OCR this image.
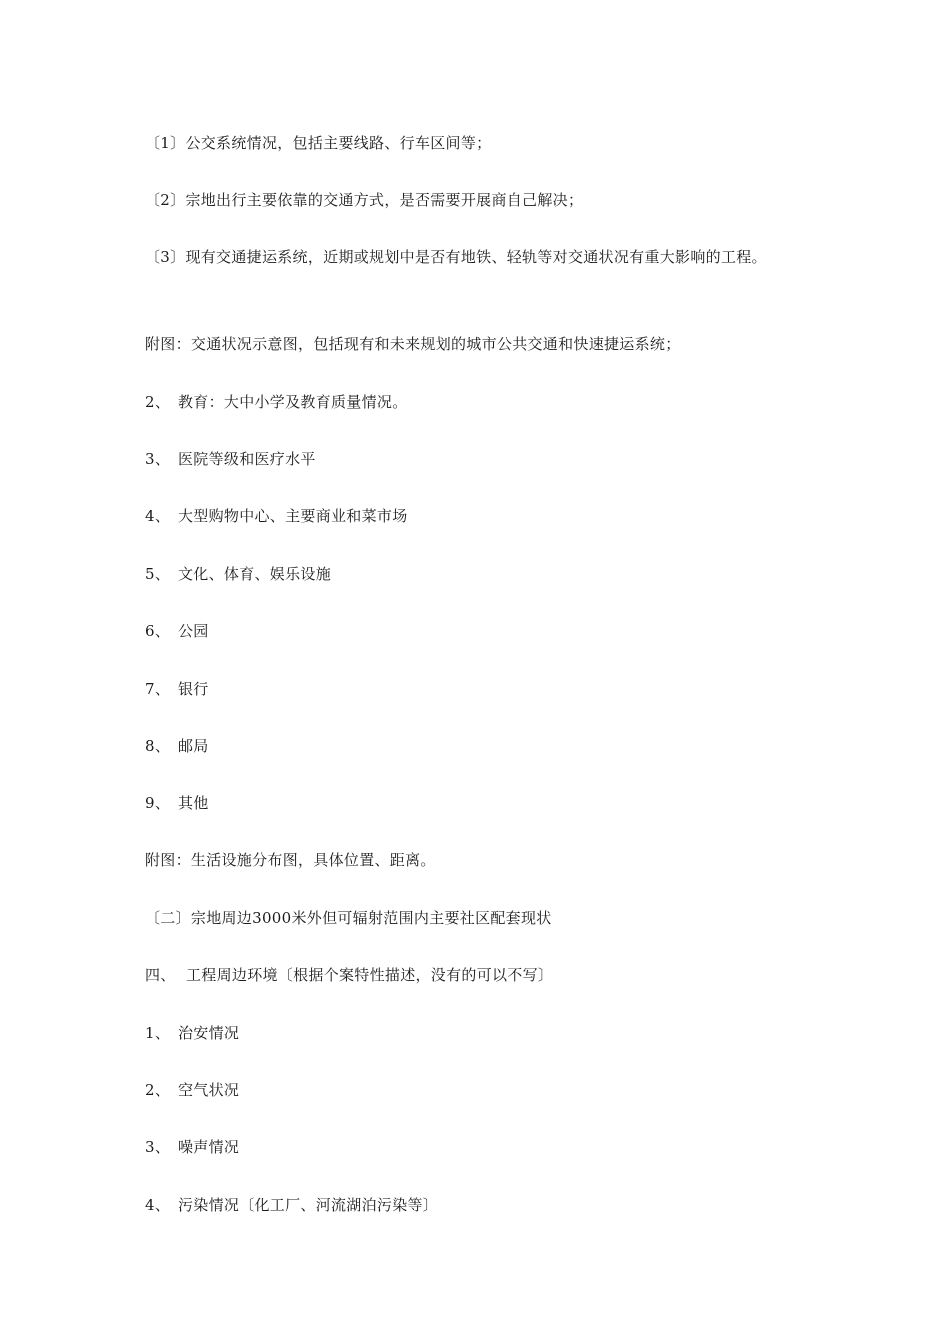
〔1〕公交系统情况，包括主要线路、行车区间等；
〔2〕宗地出行主要依靠的交通方式，是否需要开展商自己解决；
〔3〕现有交通捷运系统，近期或规划中是否有地铁、轻轨等对交通状况有重大影响的工程。
附图：交通状况示意图，包括现有和未来规划的城市公共交通和快速捷运系统；
2、 教育：大中小学及教育质量情况。
3、 医院等级和医疗水平
4、 大型购物中心、主要商业和菜市场
5、 文化、体育、娱乐设施
6、 公园
7、 银行
8、 邮局
9、 其他
附图：生活设施分布图，具体位置、距离。
〔二〕宗地周边3000米外但可辐射范围内主要社区配套现状
四、 工程周边环境〔根据个案特性描述，没有的可以不写〕
1、 治安情况
2、 空气状况
3、 噪声情况
4、 污染情况〔化工厂、河流湖泊污染等〕
